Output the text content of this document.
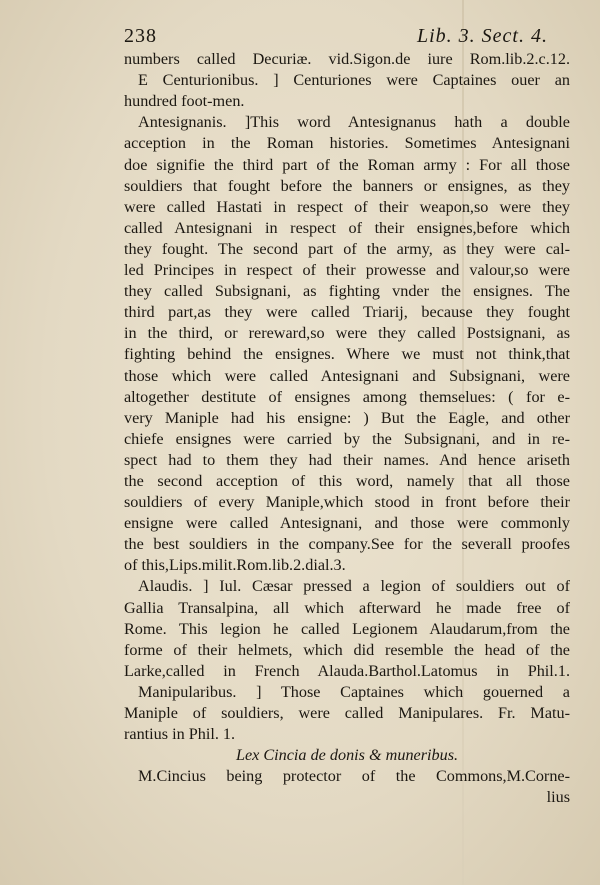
238	Lib. 3. Sect. 4.
numbers called Decuriæ. vid.Sigon.de iure Rom.lib.2.c.12.
E Centurionibus. ] Centuriones were Captaines ouer an
hundred foot-men.
Antesignanis. ]This word Antesignanus hath a double
acception in the Roman histories. Sometimes Antesignani
doe signifie the third part of the Roman army : For all those
souldiers that fought before the banners or ensignes, as they
were called Hastati in respect of their weapon,so were they
called Antesignani in respect of their ensignes,before which
they fought. The second part of the army, as they were cal-
led Principes in respect of their prowesse and valour,so were
they called Subsignani, as fighting vnder the ensignes. The
third part,as they were called Triarij, because they fought
in the third, or rereward,so were they called Postsignani, as
fighting behind the ensignes. Where we must not think,that
those which were called Antesignani and Subsignani, were
altogether destitute of ensignes among themselues: ( for e-
very Maniple had his ensigne: ) But the Eagle, and other
chiefe ensignes were carried by the Subsignani, and in re-
spect had to them they had their names. And hence ariseth
the second acception of this word, namely that all those
souldiers of every Maniple,which stood in front before their
ensigne were called Antesignani, and those were commonly
the best souldiers in the company.See for the severall proofes
of this,Lips.milit.Rom.lib.2.dial.3.
Alaudis. ] Iul. Cæsar pressed a legion of souldiers out of
Gallia Transalpina, all which afterward he made free of
Rome. This legion he called Legionem Alaudarum,from the
forme of their helmets, which did resemble the head of the
Larke,called in French Alauda.Barthol.Latomus in Phil.1.
Manipularibus. ] Those Captaines which gouerned a
Maniple of souldiers, were called Manipulares. Fr. Matu-
rantius in Phil. 1.
Lex Cincia de donis & muneribus.
M.Cincius being protector of the Commons,M.Corne-
lius
